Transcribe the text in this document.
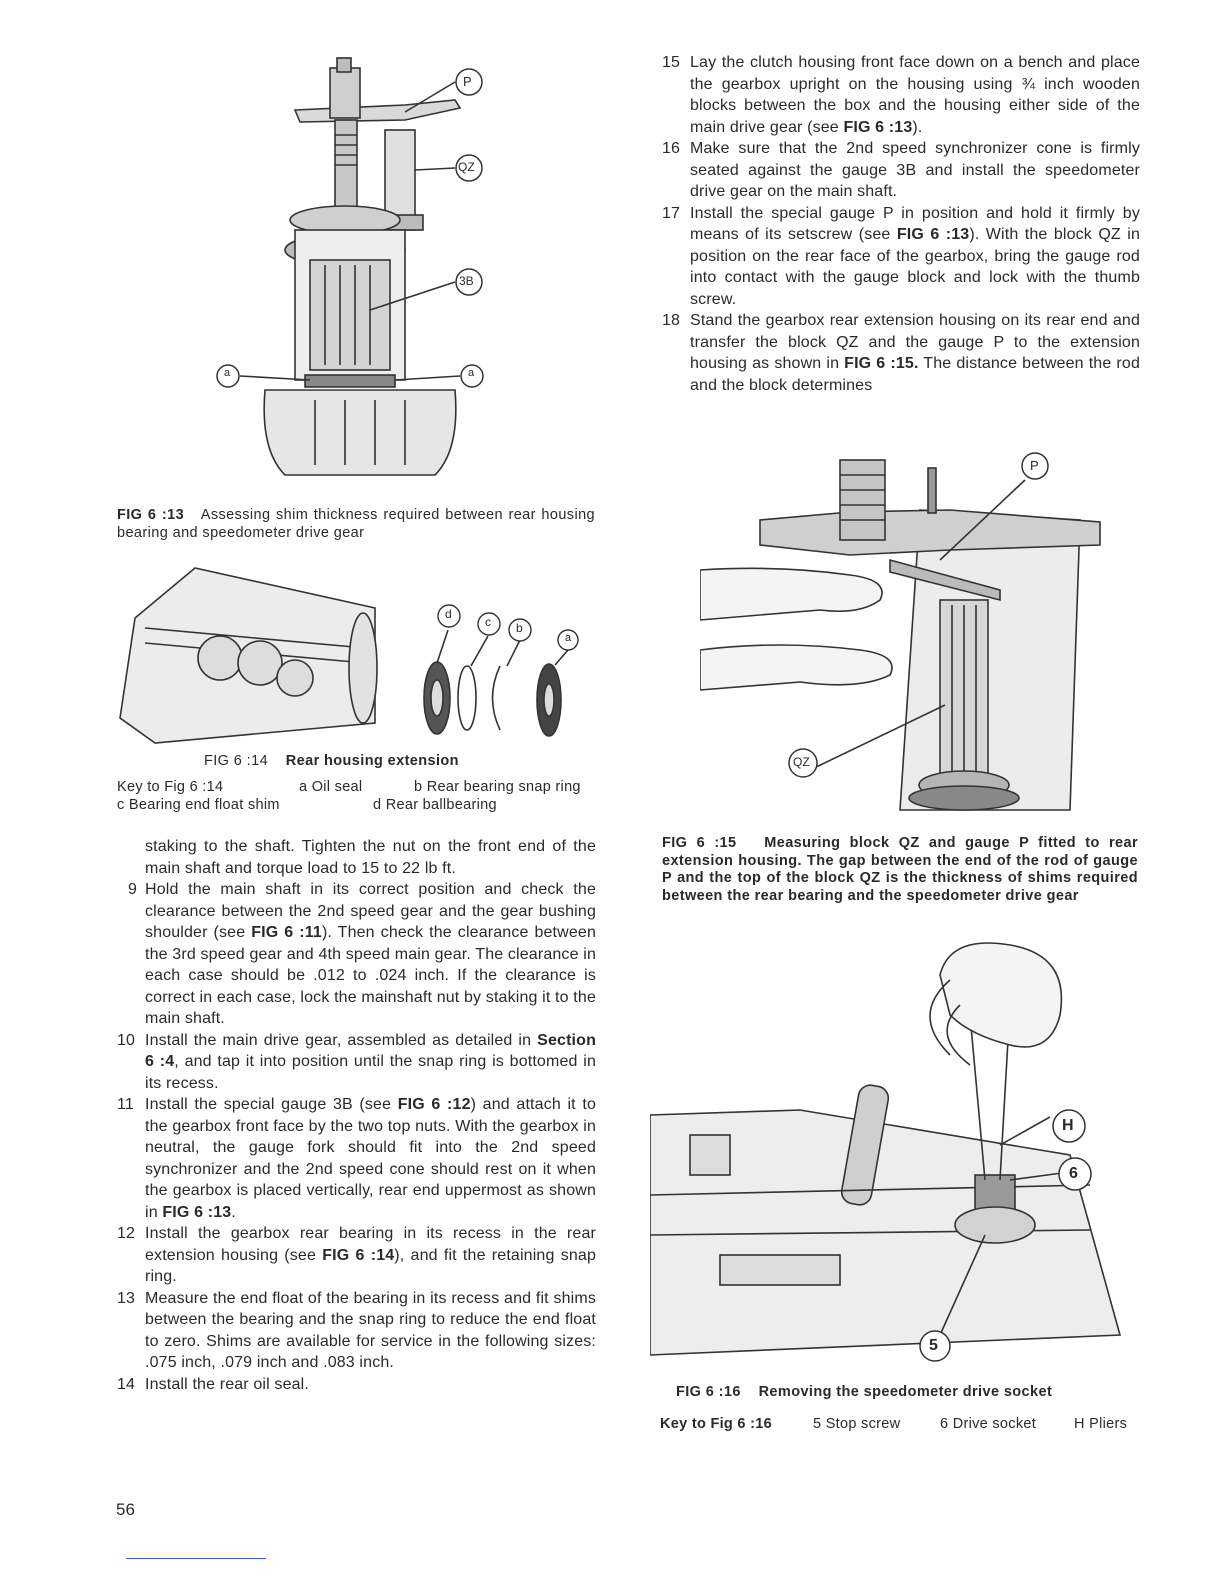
P
QZ
3B
a	a
FIG 6 :13 Assessing shim thickness required between rear housing bearing and speedometer drive gear
d
c b
a
FIG 6 :14 Rear housing extension
Key to Fig 6 :14	a Oil seal	b Rear bearing snap ring
c Bearing end float shim	d Rear ballbearing
staking to the shaft. Tighten the nut on the front end of the main shaft and torque load to 15 to 22 lb ft.
9 Hold the main shaft in its correct position and check the clearance between the 2nd speed gear and the gear bushing shoulder (see FIG 6 :11). Then check the clearance between the 3rd speed gear and 4th speed main gear. The clearance in each case should be .012 to .024 inch. If the clearance is correct in each case, lock the mainshaft nut by staking it to the main shaft.
10 Install the main drive gear, assembled as detailed in Section 6 :4, and tap it into position until the snap ring is bottomed in its recess.
11 Install the special gauge 3B (see FIG 6 :12) and attach it to the gearbox front face by the two top nuts. With the gearbox in neutral, the gauge fork should fit into the 2nd speed synchronizer and the 2nd speed cone should rest on it when the gearbox is placed vertically, rear end uppermost as shown in FIG 6 :13.
12 Install the gearbox rear bearing in its recess in the rear extension housing (see FIG 6 :14), and fit the retaining snap ring.
13 Measure the end float of the bearing in its recess and fit shims between the bearing and the snap ring to reduce the end float to zero. Shims are available for service in the following sizes: .075 inch, .079 inch and .083 inch.
14 Install the rear oil seal.
15 Lay the clutch housing front face down on a bench and place the gearbox upright on the housing using ¾ inch wooden blocks between the box and the housing either side of the main drive gear (see FIG 6 :13).
16 Make sure that the 2nd speed synchronizer cone is firmly seated against the gauge 3B and install the speedometer drive gear on the main shaft.
17 Install the special gauge P in position and hold it firmly by means of its setscrew (see FIG 6 :13). With the block QZ in position on the rear face of the gearbox, bring the gauge rod into contact with the gauge block and lock with the thumb screw.
18 Stand the gearbox rear extension housing on its rear end and transfer the block QZ and the gauge P to the extension housing as shown in FIG 6 :15. The distance between the rod and the block determines
P
QZ
FIG 6 :15 Measuring block QZ and gauge P fitted to rear extension housing. The gap between the end of the rod of gauge P and the top of the block QZ is the thickness of shims required between the rear bearing and the speedometer drive gear
H
6
5
FIG 6 :16 Removing the speedometer drive socket
Key to Fig 6 :16	5 Stop screw	6 Drive socket	H Pliers
56
